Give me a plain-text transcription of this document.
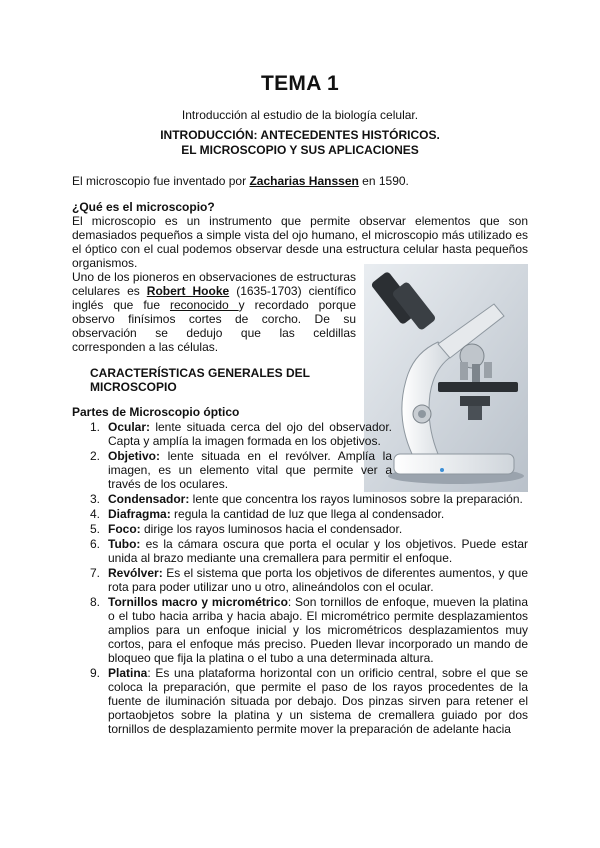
TEMA 1
Introducción al estudio de la biología celular.
INTRODUCCIÓN: ANTECEDENTES HISTÓRICOS.
EL MICROSCOPIO Y SUS APLICACIONES
El microscopio fue inventado por Zacharias Hanssen en 1590.
¿Qué es el microscopio?
El microscopio es un instrumento que permite observar elementos que son demasiados pequeños a simple vista del ojo humano, el microscopio más utilizado es el óptico con el cual podemos observar desde una estructura celular hasta pequeños organismos.
Uno de los pioneros en observaciones de estructuras celulares es Robert Hooke (1635-1703) científico inglés que fue reconocido y recordado porque observo finísimos cortes de corcho. De su observación se dedujo que las celdillas corresponden a las células.
CARACTERÍSTICAS GENERALES DEL MICROSCOPIO
Partes de Microscopio óptico
1. Ocular: lente situada cerca del ojo del observador. Capta y amplía la imagen formada en los objetivos.
2. Objetivo: lente situada en el revólver. Amplía la imagen, es un elemento vital que permite ver a través de los oculares.
3. Condensador: lente que concentra los rayos luminosos sobre la preparación.
4. Diafragma: regula la cantidad de luz que llega al condensador.
5. Foco: dirige los rayos luminosos hacia el condensador.
6. Tubo: es la cámara oscura que porta el ocular y los objetivos. Puede estar unida al brazo mediante una cremallera para permitir el enfoque.
7. Revólver: Es el sistema que porta los objetivos de diferentes aumentos, y que rota para poder utilizar uno u otro, alineándolos con el ocular.
8. Tornillos macro y micrométrico: Son tornillos de enfoque, mueven la platina o el tubo hacia arriba y hacia abajo. El micrométrico permite desplazamientos amplios para un enfoque inicial y los micrométricos desplazamientos muy cortos, para el enfoque más preciso. Pueden llevar incorporado un mando de bloqueo que fija la platina o el tubo a una determinada altura.
9. Platina: Es una plataforma horizontal con un orificio central, sobre el que se coloca la preparación, que permite el paso de los rayos procedentes de la fuente de iluminación situada por debajo. Dos pinzas sirven para retener el portaobjetos sobre la platina y un sistema de cremallera guiado por dos tornillos de desplazamiento permite mover la preparación de adelante hacia
